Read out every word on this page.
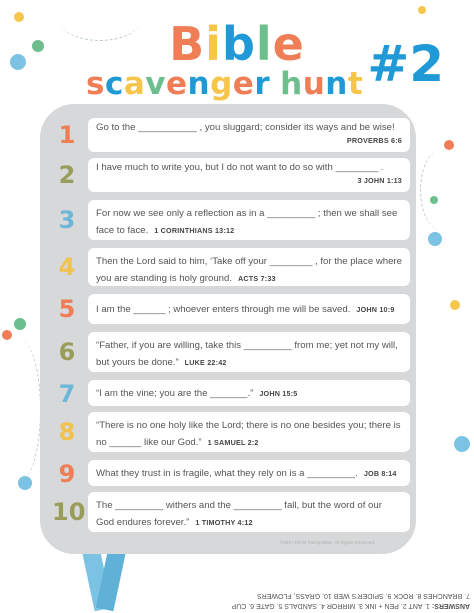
Bible
scavenger hunt #2
1	Go to the ___________ , you sluggard; consider its ways and be wise!
PROVERBS 6:6
2	I have much to write you, but I do not want to do so with ________ .
3 JOHN 1:13
3	For now we see only a reflection as in a _________ ; then we shall see face to face. 1 CORINTHIANS 13:12
4	Then the Lord said to him, ‘Take off your ________ , for the place where you are standing is holy ground. ACTS 7:33
5	I am the ______ ; whoever enters through me will be saved. JOHN 10:9
6	“Father, if you are willing, take this _________ from me; yet not my will, but yours be done.” LUKE 22:42
7	“I am the vine; you are the _______.” JOHN 15:5
8	“There is no one holy like the Lord; there is no one besides you; there is no ______ like our God.” 1 SAMUEL 2:2
9	What they trust in is fragile, what they rely on is a _________. JOB 8:14
10	The _________ withers and the _________ fall, but the word of our God endures forever.” 1 TIMOTHY 4:12
©2017 Christ Family Bible. All Rights Reserved.
ANSWERS: 1. ANT 2. PEN + INK 3. MIRROR 4. SANDALS 5. GATE 6. CUP
7. BRANCHES 8. ROCK 9. SPIDER'S WEB 10. GRASS, FLOWERS
